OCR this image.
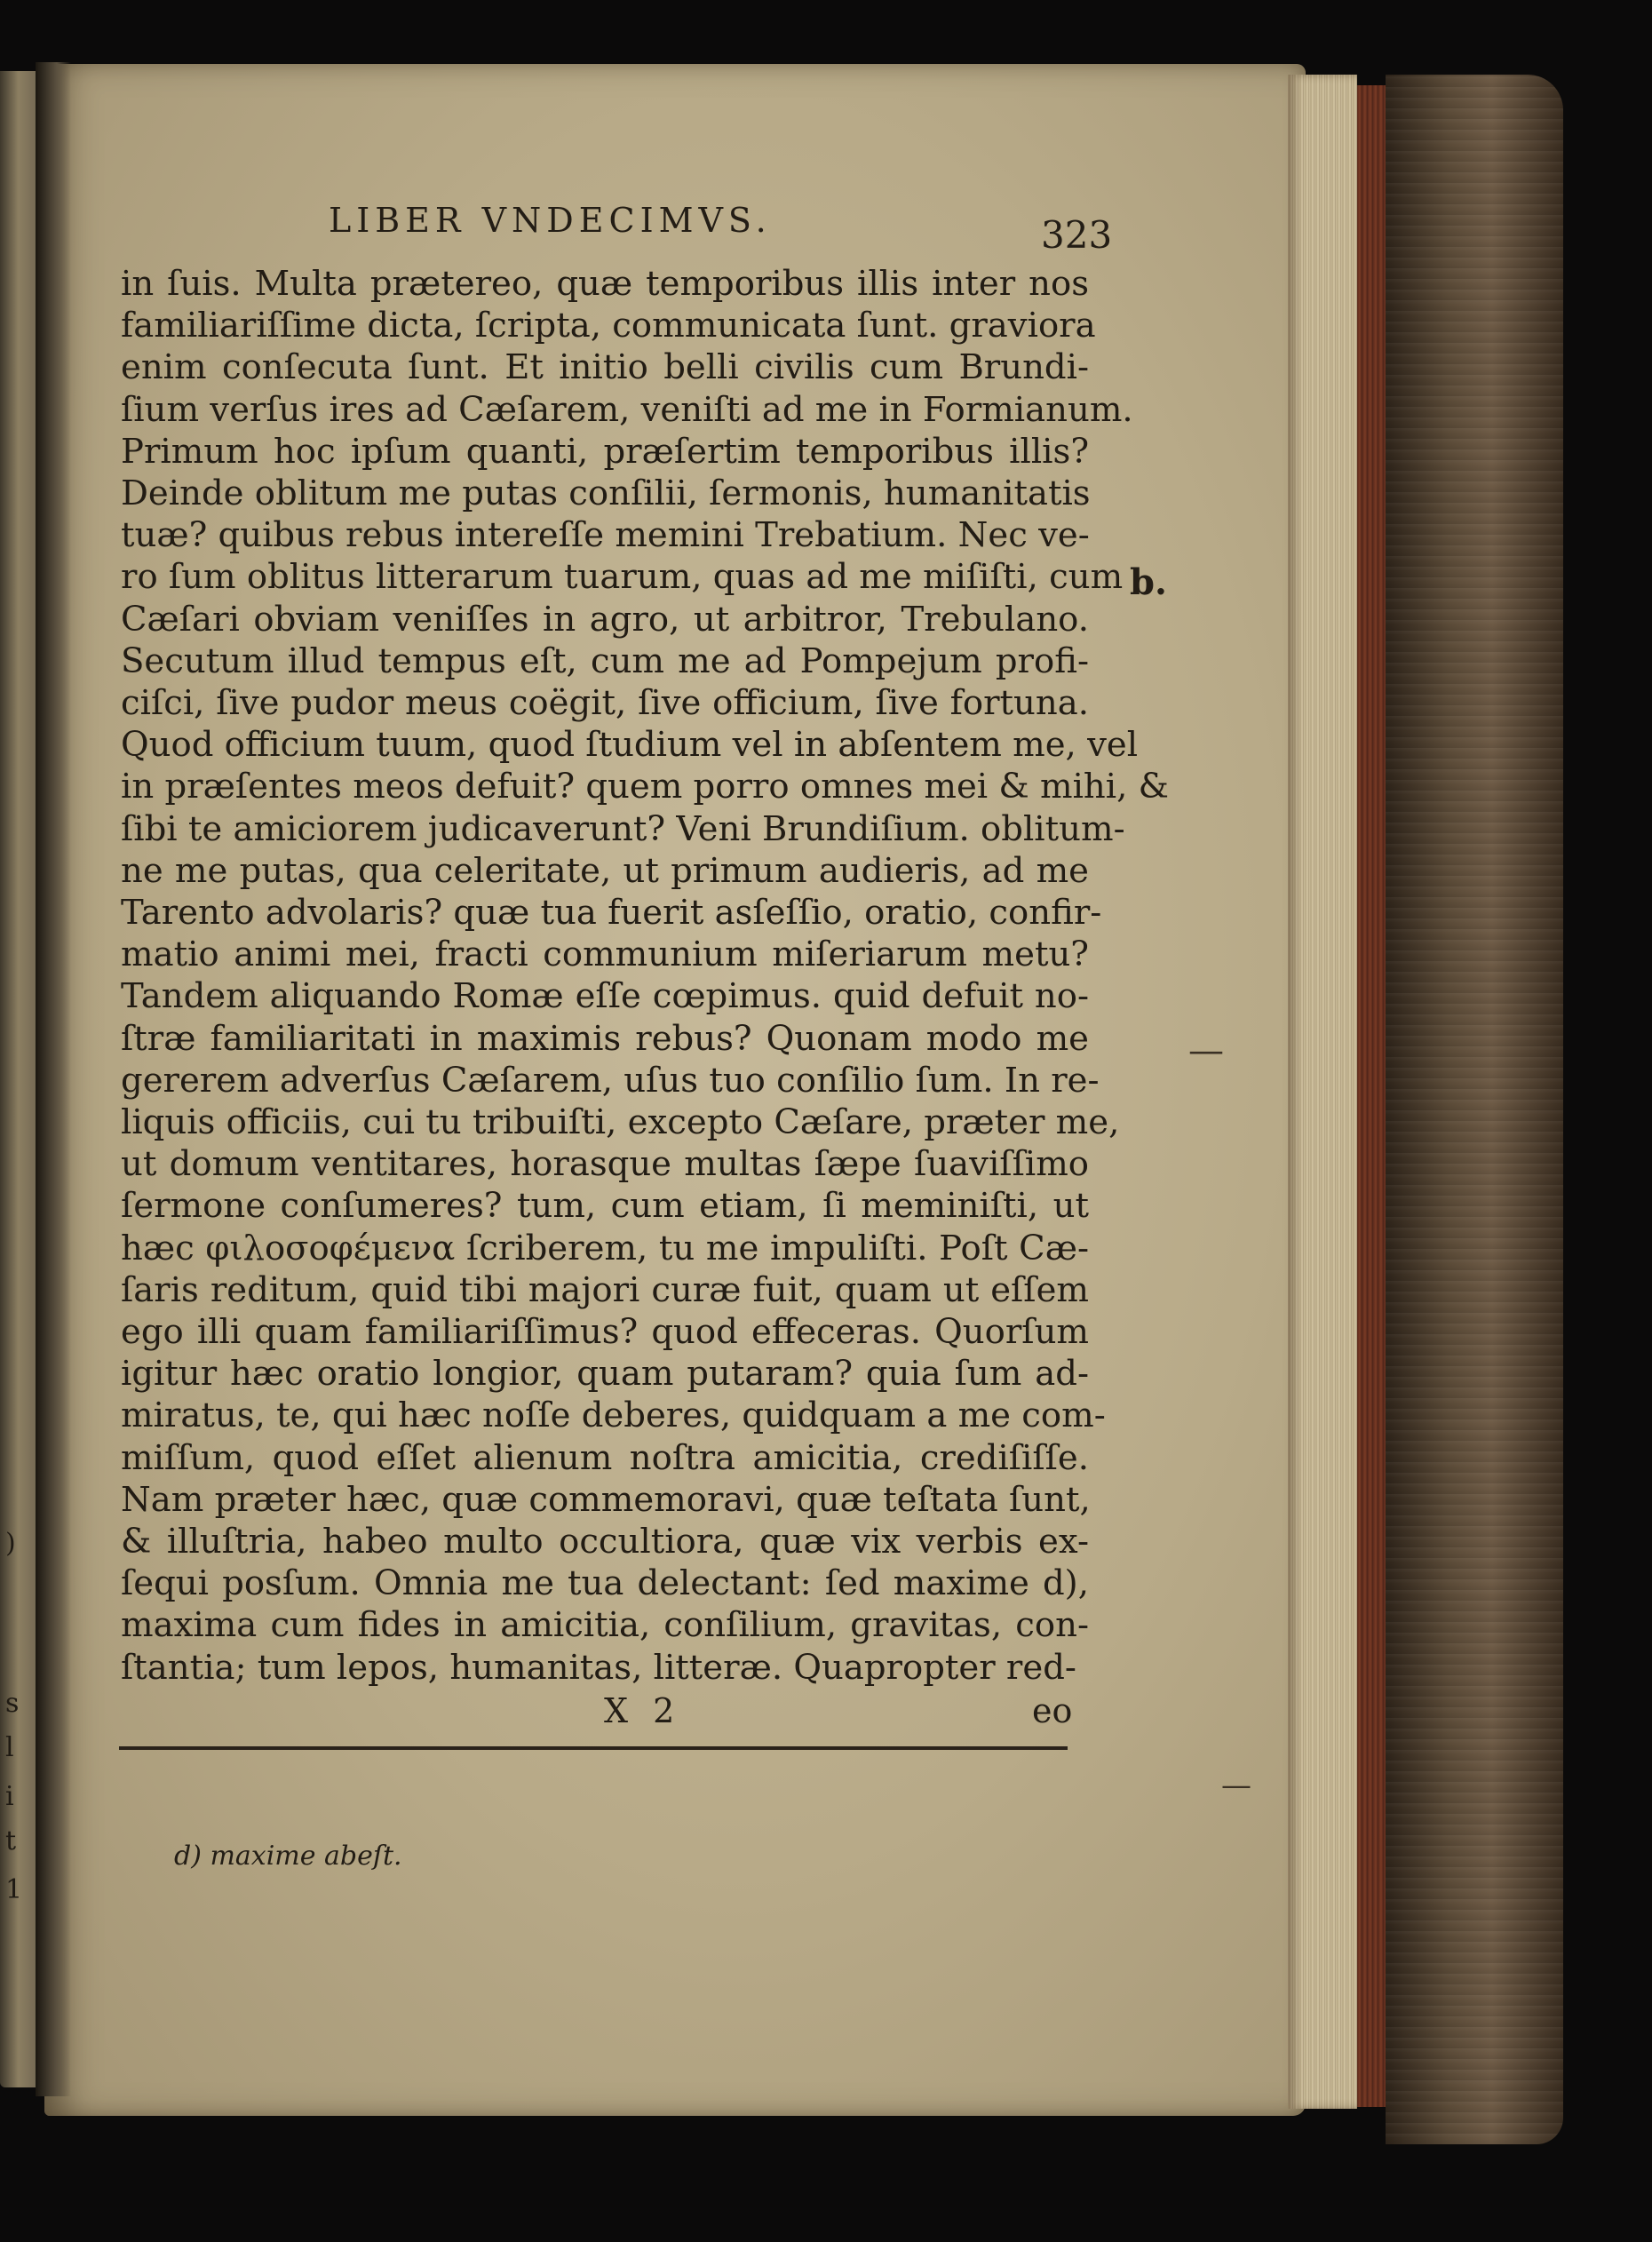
)
s
l
i
t
1
LIBER VNDECIMVS.	323
in ſuis. Multa prætereo, quæ temporibus illis inter nos
familiariſſime dicta, ſcripta, communicata ſunt. graviora
enim conſecuta ſunt. Et initio belli civilis cum Brundi-
ſium verſus ires ad Cæſarem, veniſti ad me in Formianum.
Primum hoc ipſum quanti, præſertim temporibus illis?
Deinde oblitum me putas conſilii, ſermonis, humanitatis
tuæ? quibus rebus intereſſe memini Trebatium. Nec ve-
ro ſum oblitus litterarum tuarum, quas ad me miſiſti, cum
Cæſari obviam veniſſes in agro, ut arbitror, Trebulano.
Secutum illud tempus eſt, cum me ad Pompejum profi-
ciſci, ſive pudor meus coëgit, ſive officium, ſive fortuna.
Quod officium tuum, quod ſtudium vel in abſentem me, vel
in præſentes meos defuit? quem porro omnes mei & mihi, &
ſibi te amiciorem judicaverunt? Veni Brundiſium. oblitum-
ne me putas, qua celeritate, ut primum audieris, ad me
Tarento advolaris? quæ tua fuerit asſeſſio, oratio, confir-
matio animi mei, fracti communium miſeriarum metu?
Tandem aliquando Romæ eſſe cœpimus. quid defuit no-
ſtræ familiaritati in maximis rebus? Quonam modo me
gererem adverſus Cæſarem, uſus tuo conſilio ſum. In re-
liquis officiis, cui tu tribuiſti, excepto Cæſare, præter me,
ut domum ventitares, horasque multas ſæpe ſuaviſſimo
ſermone conſumeres? tum, cum etiam, ſi meminiſti, ut
hæc φιλοσοφέμενα ſcriberem, tu me impuliſti. Poſt Cæ-
ſaris reditum, quid tibi majori curæ fuit, quam ut eſſem
ego illi quam familiariſſimus? quod effeceras. Quorſum
igitur hæc oratio longior, quam putaram? quia ſum ad-
miratus, te, qui hæc noſſe deberes, quidquam a me com-
miſſum, quod eſſet alienum noſtra amicitia, crediſiſſe.
Nam præter hæc, quæ commemoravi, quæ teſtata ſunt,
& illuſtria, habeo multo occultiora, quæ vix verbis ex-
ſequi posſum. Omnia me tua delectant: ſed maxime d),
maxima cum fides in amicitia, conſilium, gravitas, con-
ſtantia; tum lepos, humanitas, litteræ. Quapropter red-
b.
X 2	eo
d) maxime abeſt.
—
—
